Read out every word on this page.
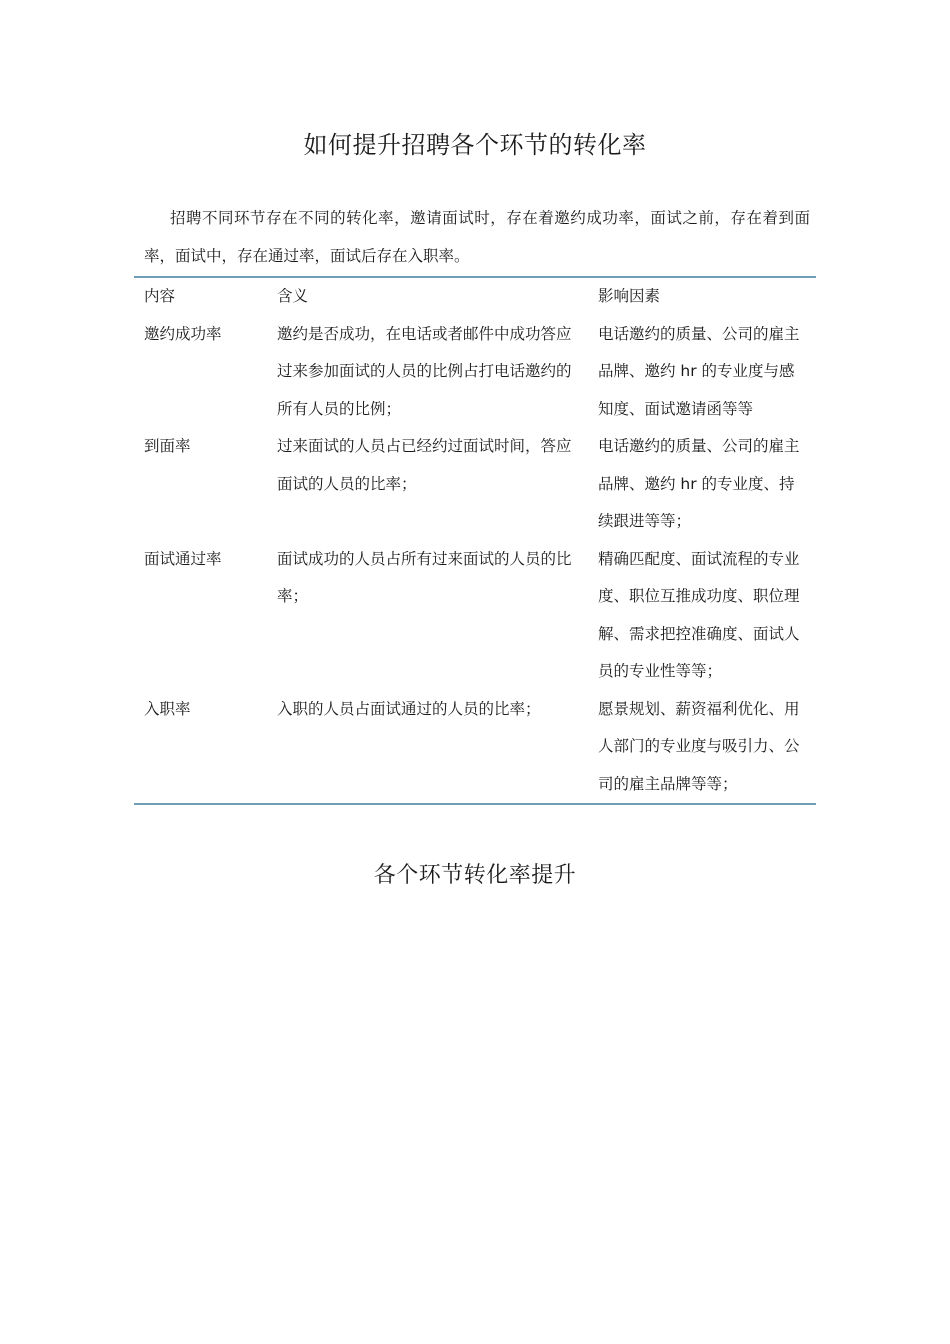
如何提升招聘各个环节的转化率

招聘不同环节存在不同的转化率，邀请面试时，存在着邀约成功率，面试之前，存在着到面率，面试中，存在通过率，面试后存在入职率。

内容	含义	影响因素
邀约成功率	邀约是否成功，在电话或者邮件中成功答应过来参加面试的人员的比例占打电话邀约的所有人员的比例；	电话邀约的质量、公司的雇主品牌、邀约 hr 的专业度与感知度、面试邀请函等等
到面率	过来面试的人员占已经约过面试时间，答应面试的人员的比率；	电话邀约的质量、公司的雇主品牌、邀约 hr 的专业度、持续跟进等等；
面试通过率	面试成功的人员占所有过来面试的人员的比率；	精确匹配度、面试流程的专业度、职位互推成功度、职位理解、需求把控准确度、面试人员的专业性等等；
入职率	入职的人员占面试通过的人员的比率；	愿景规划、薪资福利优化、用人部门的专业度与吸引力、公司的雇主品牌等等；
各个环节转化率提升
